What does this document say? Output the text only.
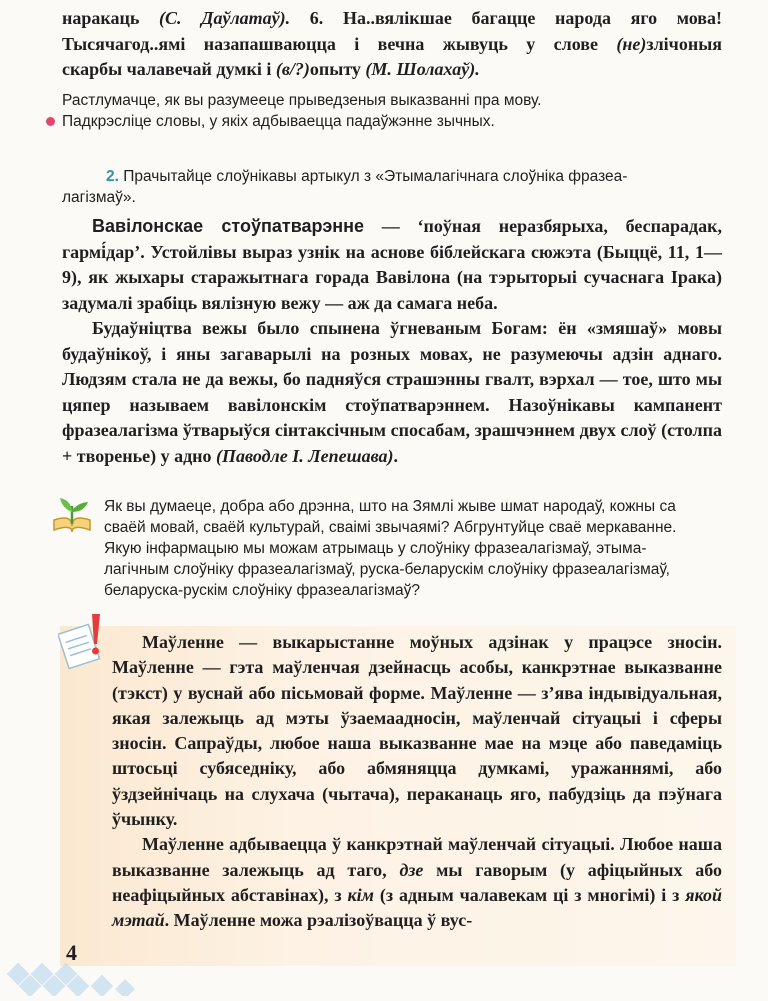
наракаць (С. Даўлатаў). 6. На..вялікшае багацце народа яго мова!
Тысячагод..ямі назапашваюцца і вечна жывуць у слове (не)злічоныя
скарбы чалавечай думкі і (в/?)опыту (М. Шолахаў).

Растлумачце, як вы разумееце прыведзеныя выказванні пра мову.

Падкрэсліце словы, у якіх адбываецца падаўжэнне зычных.

2. Прачытайце слоўнікавы артыкул з «Этымалагічнага слоўніка фразеа-

лагізмаў».

Вавілонскае стоўпатварэнне — ‘поўная неразбярыха, беспарадак, гармі́дар’. Устойлівы выраз узнік на аснове біблейскага сюжэта (Быццё, 11, 1—9), як жыхары старажытнага горада Вавілона (на тэрыторыі сучаснага Ірака) задумалі зрабіць вялізную вежу — аж да самага неба.

Будаўніцтва вежы было спынена ўгневаным Богам: ён «змяшаў» мовы будаўнікоў, і яны загаварылі на розных мовах, не разумеючы адзін аднаго. Людзям стала не да вежы, бо падняўся страшэнны гвалт, вэрхал — тое, што мы цяпер называем вавілонскім стоўпатварэннем. Назоўнікавы кампанент фразеалагізма ўтварыўся сінтаксічным спосабам, зрашчэннем двух слоў (столпа + творенье) у адно (Паводле І. Лепешава).

Як вы думаеце, добра або дрэнна, што на Зямлі жыве шмат народаў, кожны са

сваёй мовай, сваёй культурай, сваімі звычаямі? Абгрунтуйце сваё меркаванне.

Якую інфармацыю мы можам атрымаць у слоўніку фразеалагізмаў, этыма-

лагічным слоўніку фразеалагізмаў, руска-беларускім слоўніку фразеалагізмаў,

беларуска-рускім слоўніку фразеалагізмаў?

Маўленне — выкарыстанне моўных адзінак у працэсе зносін. Маўленне — гэта маўленчая дзейнасць асобы, канкрэтнае выказванне (тэкст) у вуснай або пісьмовай форме. Маўленне — з’ява індывідуальная, якая залежыць ад мэты ўзаемаадносін, маўленчай сітуацыі і сферы зносін. Сапраўды, любое наша выказванне мае на мэце або паведаміць штосьці субяседніку, або абмяняцца думкамі, уражаннямі, або ўздзейнічаць на слухача (чытача), пераканаць яго, пабудзіць да пэўнага ўчынку.

Маўленне адбываецца ў канкрэтнай маўленчай сітуацыі. Любое наша выказванне залежыць ад таго, дзе мы гаворым (у афіцыйных або неафіцыйных абставінах), з кім (з адным чалавекам ці з многімі) і з якой мэтай. Маўленне можа рэалізоўвацца ў вус-

4
